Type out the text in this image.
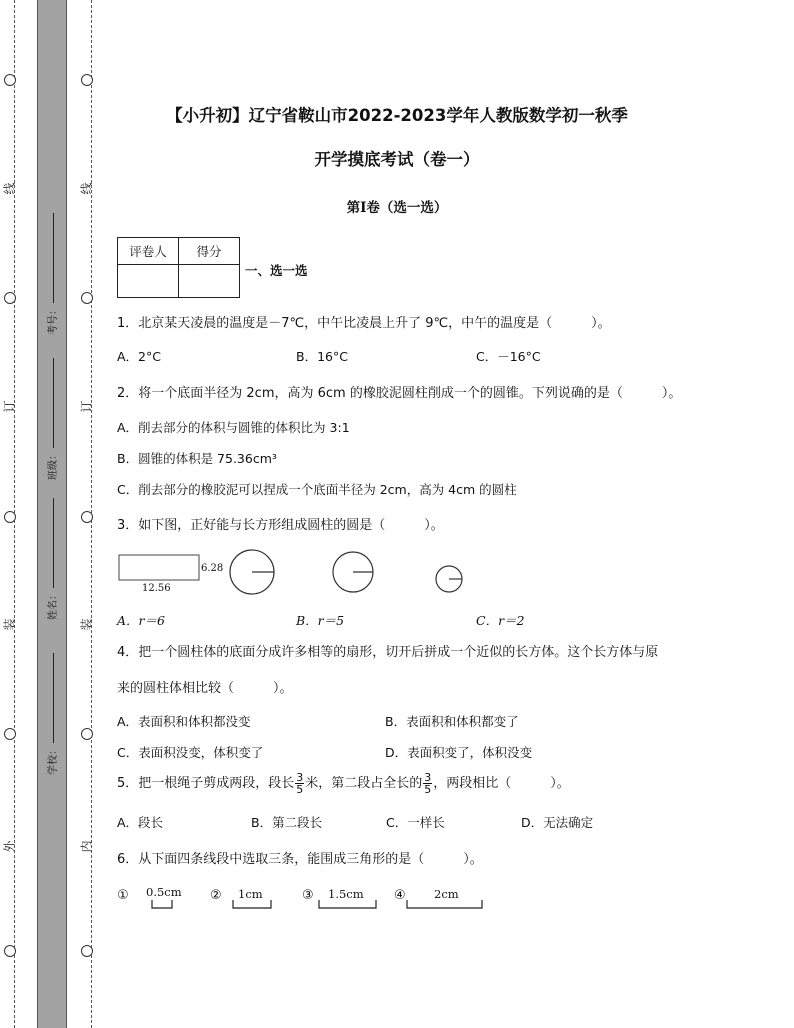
线
订
装
外
线
订
装
内
考号：
班级：
姓名：
学校：
【小升初】辽宁省鞍山市2022-2023学年人教版数学初一秋季
开学摸底考试（卷一）
第I卷（选一选）
评卷人	得分

一、选一选
1．北京某天凌晨的温度是－7℃，中午比凌晨上升了 9℃，中午的温度是（　　　）。
A．2°C	B．16°C	C．－16°C
2．将一个底面半径为 2cm，高为 6cm 的橡胶泥圆柱削成一个的圆锥。下列说确的是（　　　）。
A．削去部分的体积与圆锥的体积比为 3:1
B．圆锥的体积是 75.36cm³
C．削去部分的橡胶泥可以捏成一个底面半径为 2cm，高为 4cm 的圆柱
3．如下图，正好能与长方形组成圆柱的圆是（　　　）。
6.28
12.56
A．r＝6	B．r＝5	C．r＝2
4．把一个圆柱体的底面分成许多相等的扇形，切开后拼成一个近似的长方体。这个长方体与原
来的圆柱体相比较（　　　）。
A．表面积和体积都没变	B．表面积和体积都变了
C．表面积没变，体积变了	D．表面积变了，体积没变
5．把一根绳子剪成两段，段长 $\frac{3}{5}$ 米，第二段占全长的 $\frac{3}{5}$ ，两段相比（　　　）。
A．段长	B．第二段长	C．一样长	D．无法确定
6．从下面四条线段中选取三条，能围成三角形的是（　　　）。
① 0.5cm ② 1cm	③ 1.5cm ④ 2cm
